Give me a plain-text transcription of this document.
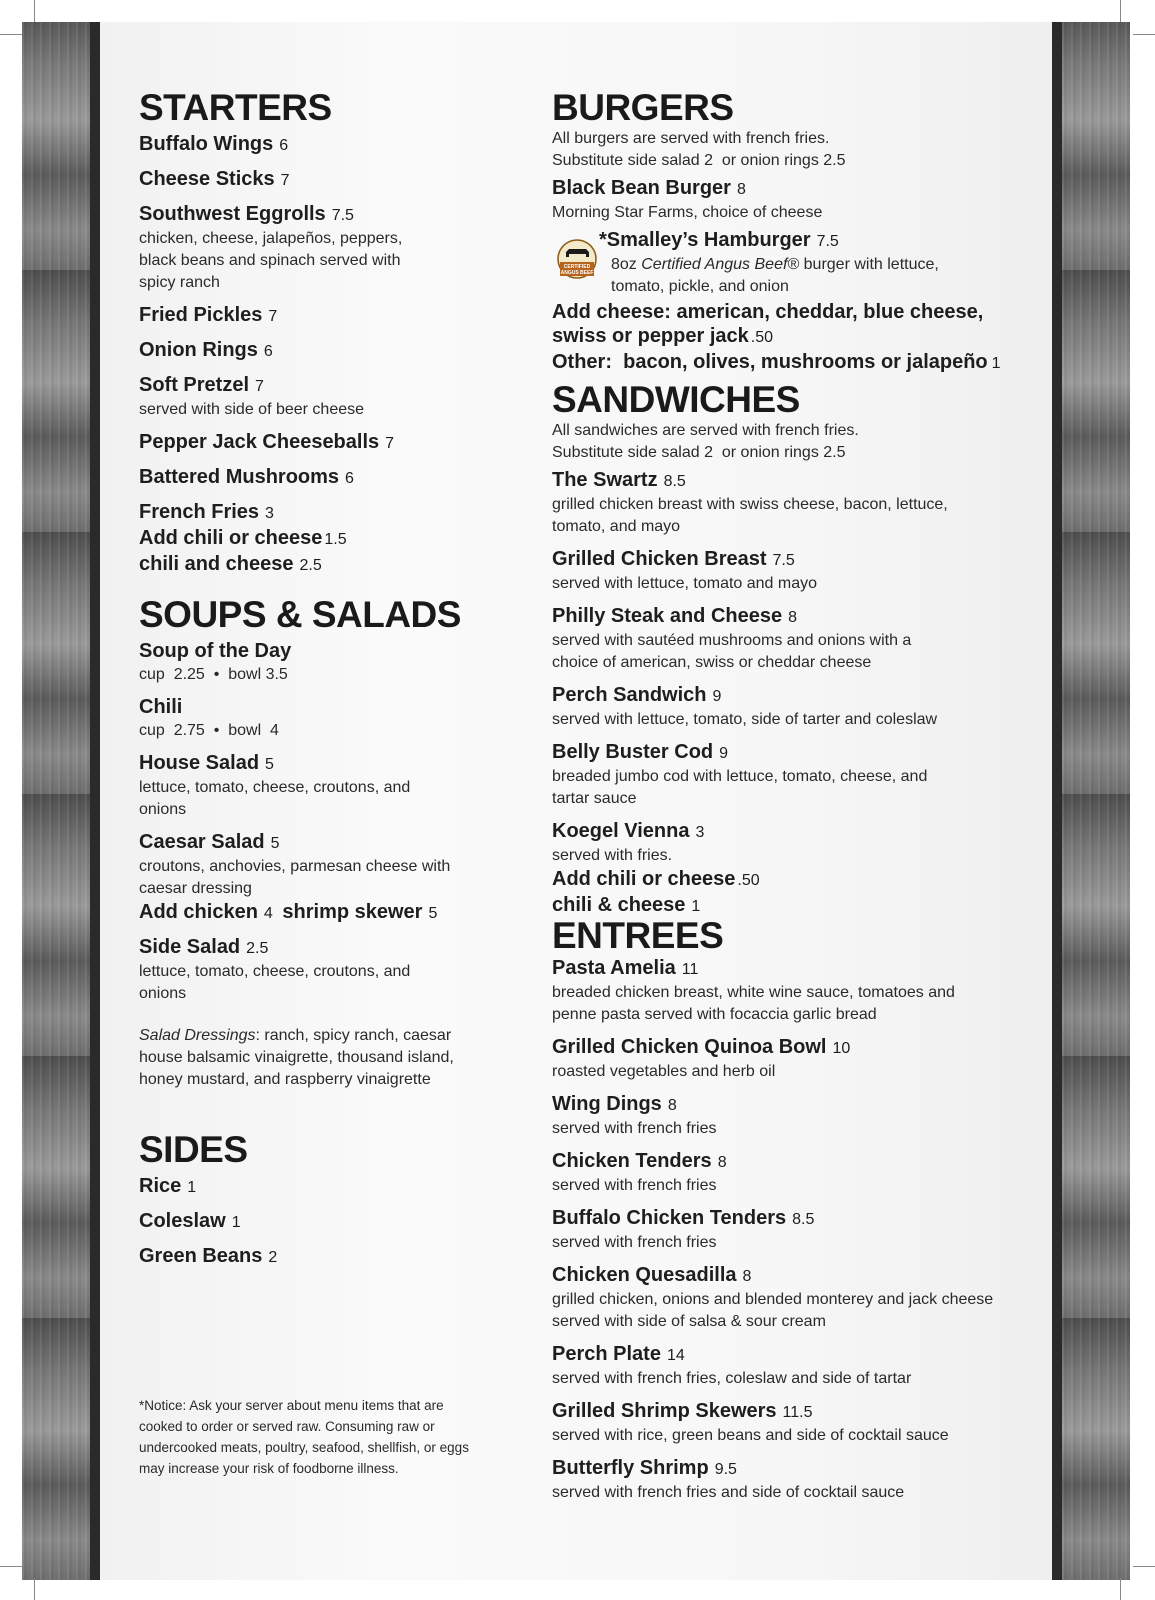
STARTERS
Buffalo Wings 6
Cheese Sticks 7
Southwest Eggrolls 7.5
chicken, cheese, jalapeños, peppers, black beans and spinach served with spicy ranch
Fried Pickles 7
Onion Rings 6
Soft Pretzel 7
served with side of beer cheese
Pepper Jack Cheeseballs 7
Battered Mushrooms 6
French Fries 3
Add chili or cheese 1.5
chili and cheese 2.5
SOUPS & SALADS
Soup of the Day
cup  2.25  •  bowl 3.5
Chili
cup  2.75  •  bowl  4
House Salad 5
lettuce, tomato, cheese, croutons, and onions
Caesar Salad 5
croutons, anchovies, parmesan cheese with caesar dressing
Add chicken 4 shrimp skewer 5
Side Salad 2.5
lettuce, tomato, cheese, croutons, and onions
Salad Dressings: ranch, spicy ranch, caesar house balsamic vinaigrette, thousand island, honey mustard, and raspberry vinaigrette
SIDES
Rice 1
Coleslaw 1
Green Beans 2
*Notice: Ask your server about menu items that are cooked to order or served raw. Consuming raw or undercooked meats, poultry, seafood, shellfish, or eggs may increase your risk of foodborne illness.
BURGERS
All burgers are served with french fries.
Substitute side salad 2  or onion rings 2.5
Black Bean Burger 8
Morning Star Farms, choice of cheese
*Smalley’s Hamburger 7.5
8oz Certified Angus Beef® burger with lettuce, tomato, pickle, and onion
Add cheese: american, cheddar, blue cheese, swiss or pepper jack .50
Other:  bacon, olives, mushrooms or jalapeño 1
SANDWICHES
All sandwiches are served with french fries.
Substitute side salad 2  or onion rings 2.5
The Swartz 8.5
grilled chicken breast with swiss cheese, bacon, lettuce, tomato, and mayo
Grilled Chicken Breast 7.5
served with lettuce, tomato and mayo
Philly Steak and Cheese 8
served with sautéed mushrooms and onions with a choice of american, swiss or cheddar cheese
Perch Sandwich 9
served with lettuce, tomato, side of tarter and coleslaw
Belly Buster Cod 9
breaded jumbo cod with lettuce, tomato, cheese, and tartar sauce
Koegel Vienna 3
served with fries.
Add chili or cheese .50
chili & cheese 1
ENTREES
Pasta Amelia 11
breaded chicken breast, white wine sauce, tomatoes and penne pasta served with focaccia garlic bread
Grilled Chicken Quinoa Bowl 10
roasted vegetables and herb oil
Wing Dings 8
served with french fries
Chicken Tenders 8
served with french fries
Buffalo Chicken Tenders 8.5
served with french fries
Chicken Quesadilla 8
grilled chicken, onions and blended monterey and jack cheese served with side of salsa & sour cream
Perch Plate 14
served with french fries, coleslaw and side of tartar
Grilled Shrimp Skewers 11.5
served with rice, green beans and side of cocktail sauce
Butterfly Shrimp 9.5
served with french fries and side of cocktail sauce
CERTIFIED
ANGUS BEEF
